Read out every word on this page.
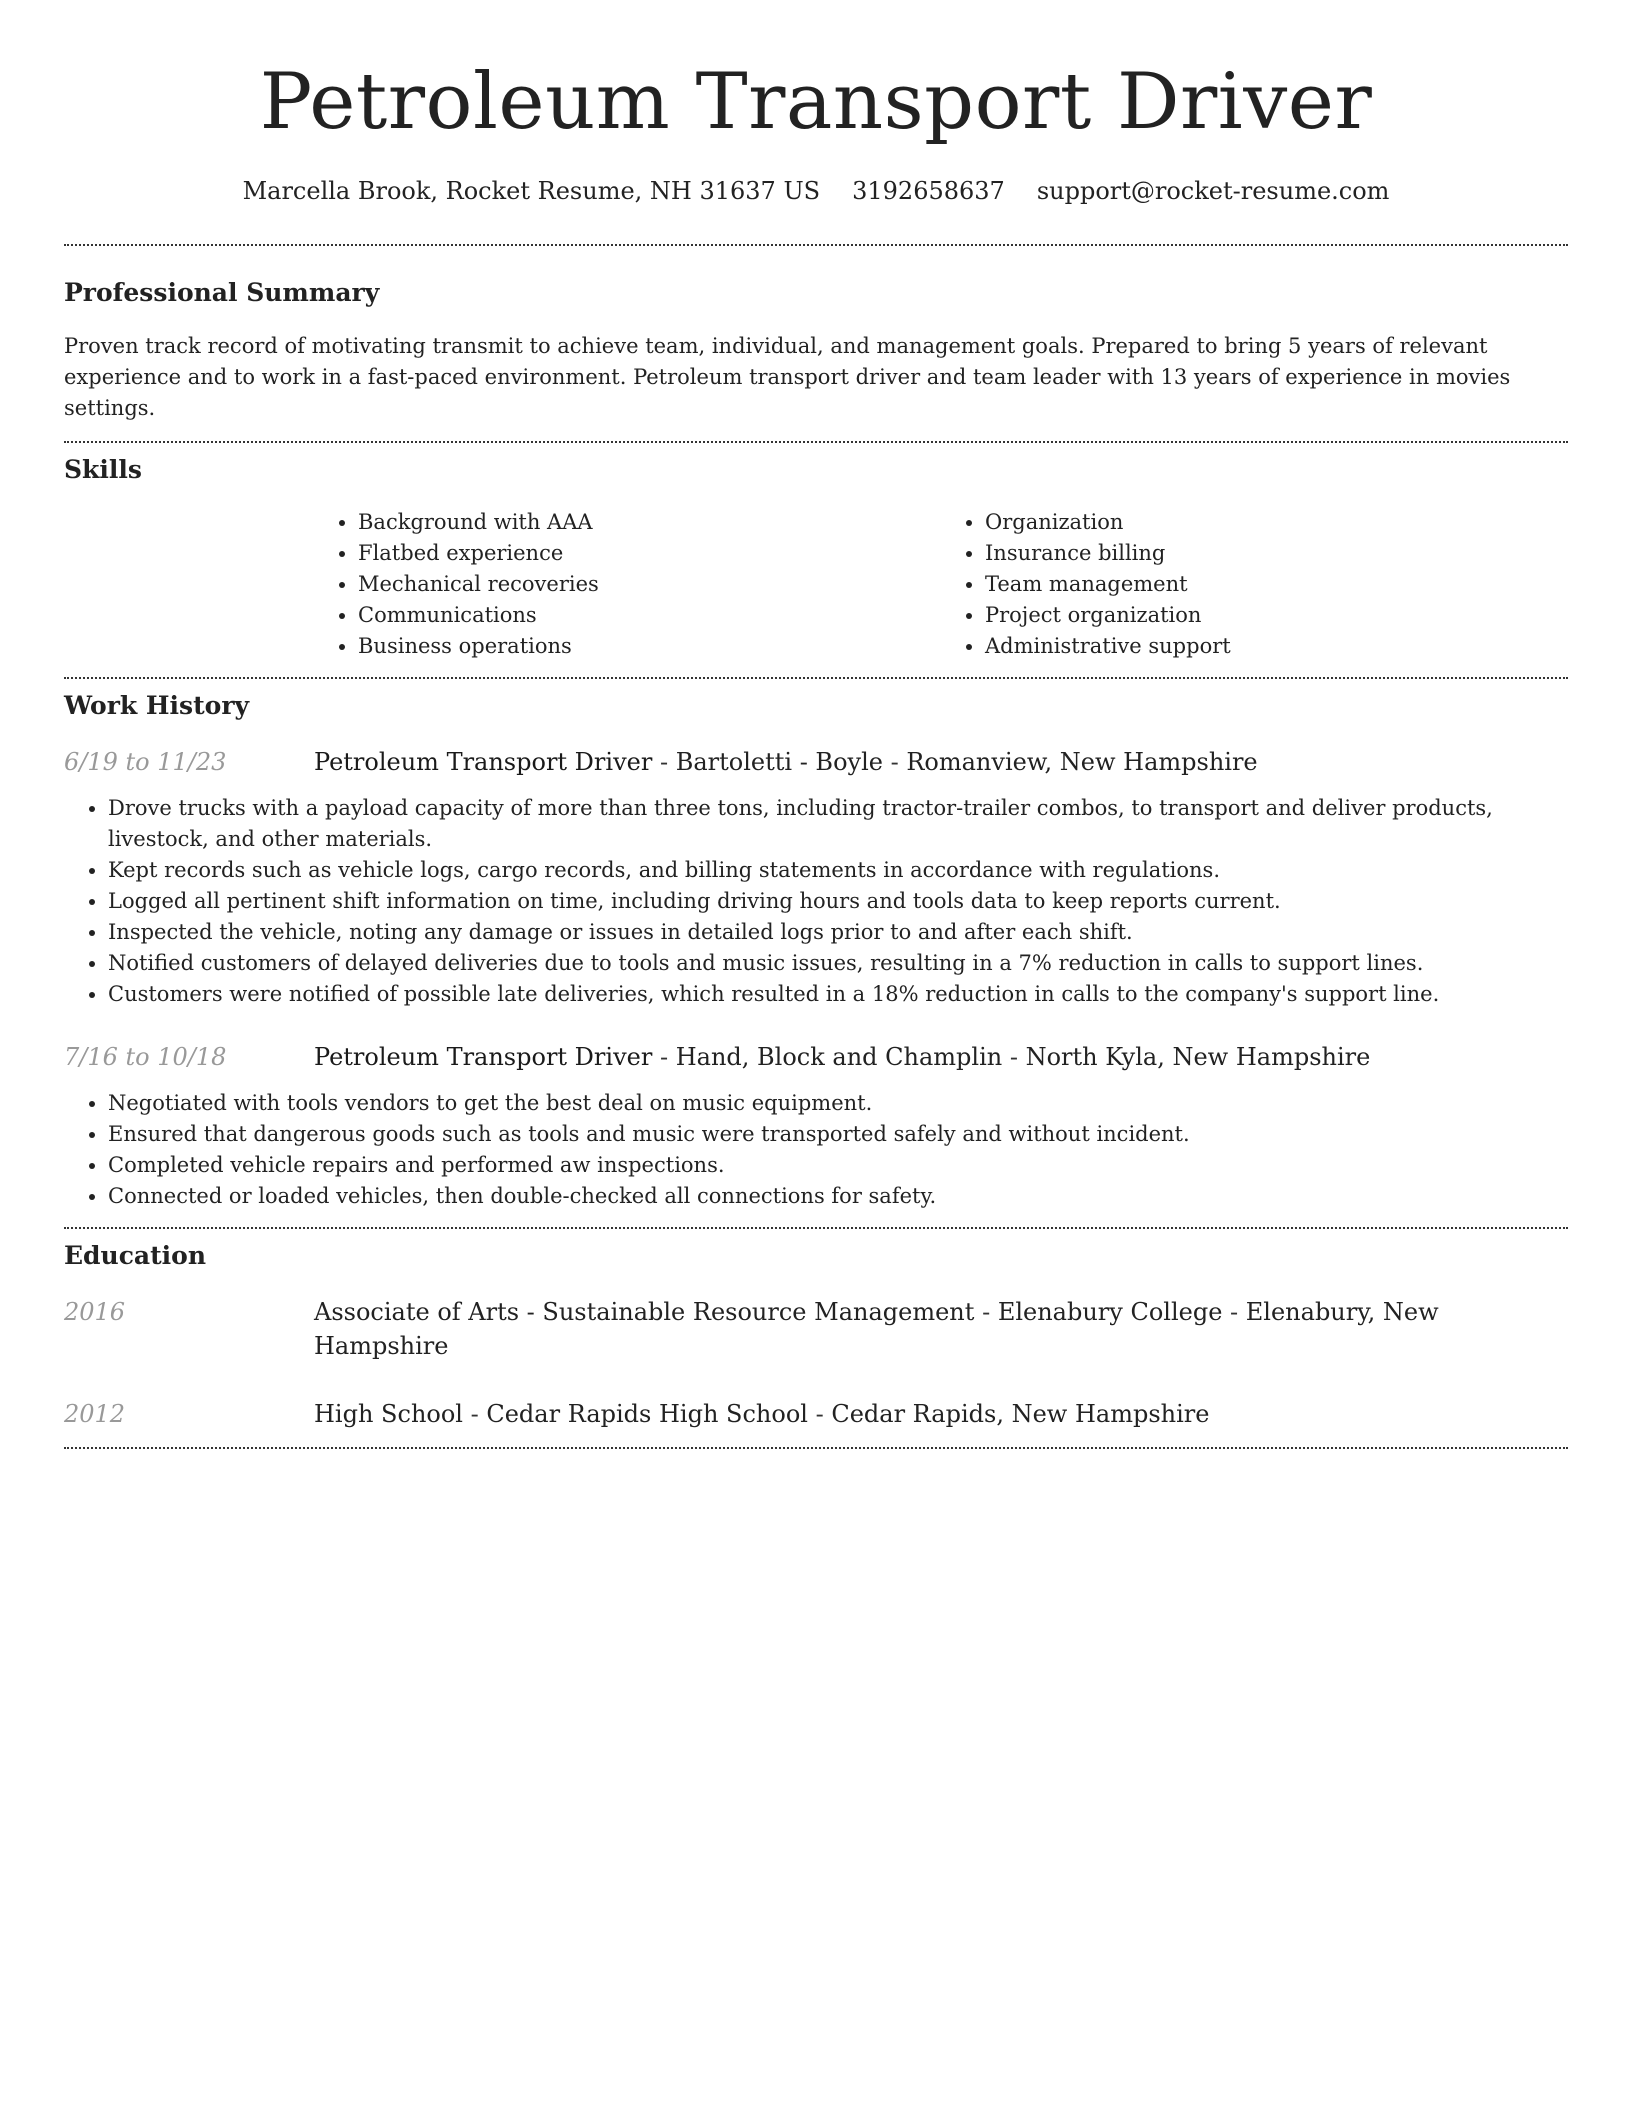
Petroleum Transport Driver
Marcella Brook, Rocket Resume, NH 31637 US 3192658637 support@rocket-resume.com
Professional Summary

Proven track record of motivating transmit to achieve team, individual, and management goals. Prepared to bring 5 years of relevant experience and to work in a fast-paced environment. Petroleum transport driver and team leader with 13 years of experience in movies settings.

Skills
• Background with AAA
• Flatbed experience
• Mechanical recoveries
• Communications
• Business operations
• Organization
• Insurance billing
• Team management
• Project organization
• Administrative support
Work History
6/19 to 11/23	Petroleum Transport Driver - Bartoletti - Boyle - Romanview, New Hampshire
• Drove trucks with a payload capacity of more than three tons, including tractor-trailer combos, to transport and deliver products, livestock, and other materials.
• Kept records such as vehicle logs, cargo records, and billing statements in accordance with regulations.
• Logged all pertinent shift information on time, including driving hours and tools data to keep reports current.
• Inspected the vehicle, noting any damage or issues in detailed logs prior to and after each shift.
• Notified customers of delayed deliveries due to tools and music issues, resulting in a 7% reduction in calls to support lines.
• Customers were notified of possible late deliveries, which resulted in a 18% reduction in calls to the company's support line.
7/16 to 10/18	Petroleum Transport Driver - Hand, Block and Champlin - North Kyla, New Hampshire
• Negotiated with tools vendors to get the best deal on music equipment.
• Ensured that dangerous goods such as tools and music were transported safely and without incident.
• Completed vehicle repairs and performed aw inspections.
• Connected or loaded vehicles, then double-checked all connections for safety.
Education
2016	Associate of Arts - Sustainable Resource Management - Elenabury College - Elenabury, New Hampshire
2012	High School - Cedar Rapids High School - Cedar Rapids, New Hampshire
